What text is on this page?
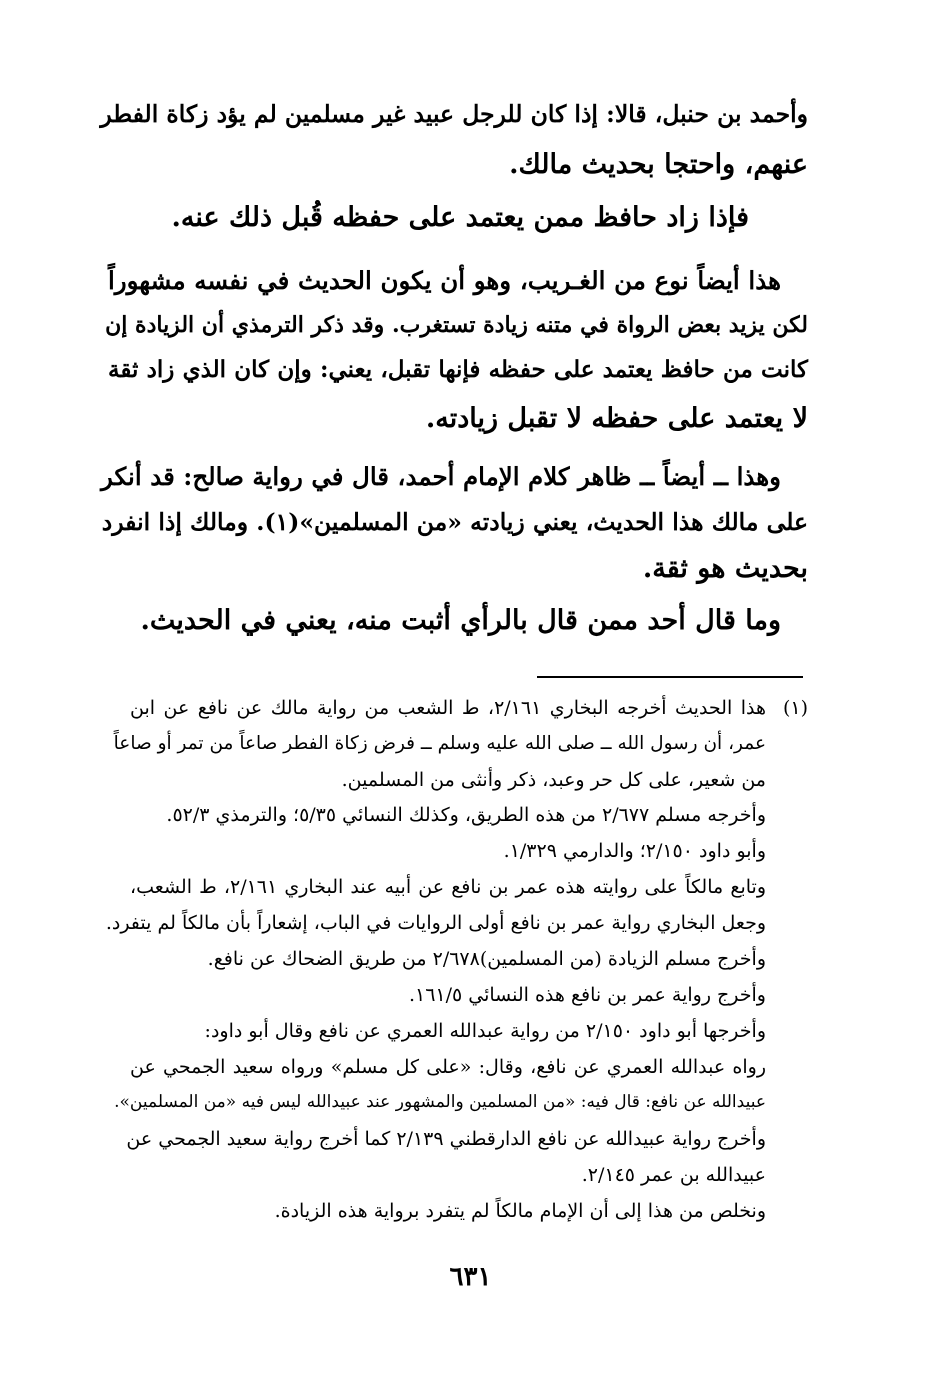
وأحمد بن حنبل، قالا: إذا كان للرجل عبيد غير مسلمين لم يؤد زكاة الفطر
عنهم، واحتجا بحديث مالك.
فإذا زاد حافظ ممن يعتمد على حفظه قُبل ذلك عنه.
هذا أيضاً نوع من الغـريب، وهو أن يكون الحديث في نفسه مشهوراً
لكن يزيد بعض الرواة في متنه زيادة تستغرب. وقد ذكر الترمذي أن الزيادة إن
كانت من حافظ يعتمد على حفظه فإنها تقبل، يعني: وإن كان الذي زاد ثقة
لا يعتمد على حفظه لا تقبل زيادته.
وهذا ــ أيضاً ــ ظاهر كلام الإمام أحمد، قال في رواية صالح: قد أنكر
على مالك هذا الحديث، يعني زيادته «من المسلمين»(١). ومالك إذا انفرد
بحديث هو ثقة.
وما قال أحد ممن قال بالرأي أثبت منه، يعني في الحديث.
(١)
هذا الحديث أخرجه البخاري ٢/١٦١، ط الشعب من رواية مالك عن نافع عن ابن
عمر، أن رسول الله ــ صلى الله عليه وسلم ــ فرض زكاة الفطر صاعاً من تمر أو صاعاً
من شعير، على كل حر وعبد، ذكر وأنثى من المسلمين.
وأخرجه مسلم ٢/٦٧٧ من هذه الطريق، وكذلك النسائي ٥/٣٥؛ والترمذي ٥٢/٣.
وأبو داود ٢/١٥٠؛ والدارمي ١/٣٢٩.
وتابع مالكاً على روايته هذه عمر بن نافع عن أبيه عند البخاري ٢/١٦١، ط الشعب،
وجعل البخاري رواية عمر بن نافع أولى الروايات في الباب، إشعاراً بأن مالكاً لم يتفرد.
وأخرج مسلم الزيادة (من المسلمين)٢/٦٧٨ من طريق الضحاك عن نافع.
وأخرج رواية عمر بن نافع هذه النسائي ١٦١/٥.
وأخرجها أبو داود ٢/١٥٠ من رواية عبدالله العمري عن نافع وقال أبو داود:
رواه عبدالله العمري عن نافع، وقال: «على كل مسلم» ورواه سعيد الجمحي عن
عبيدالله عن نافع: قال فيه: «من المسلمين والمشهور عند عبيدالله ليس فيه «من المسلمين».
وأخرج رواية عبيدالله عن نافع الدارقطني ٢/١٣٩ كما أخرج رواية سعيد الجمحي عن
عبيدالله بن عمر ٢/١٤٥.
ونخلص من هذا إلى أن الإمام مالكاً لم يتفرد برواية هذه الزيادة.
٦٣١
